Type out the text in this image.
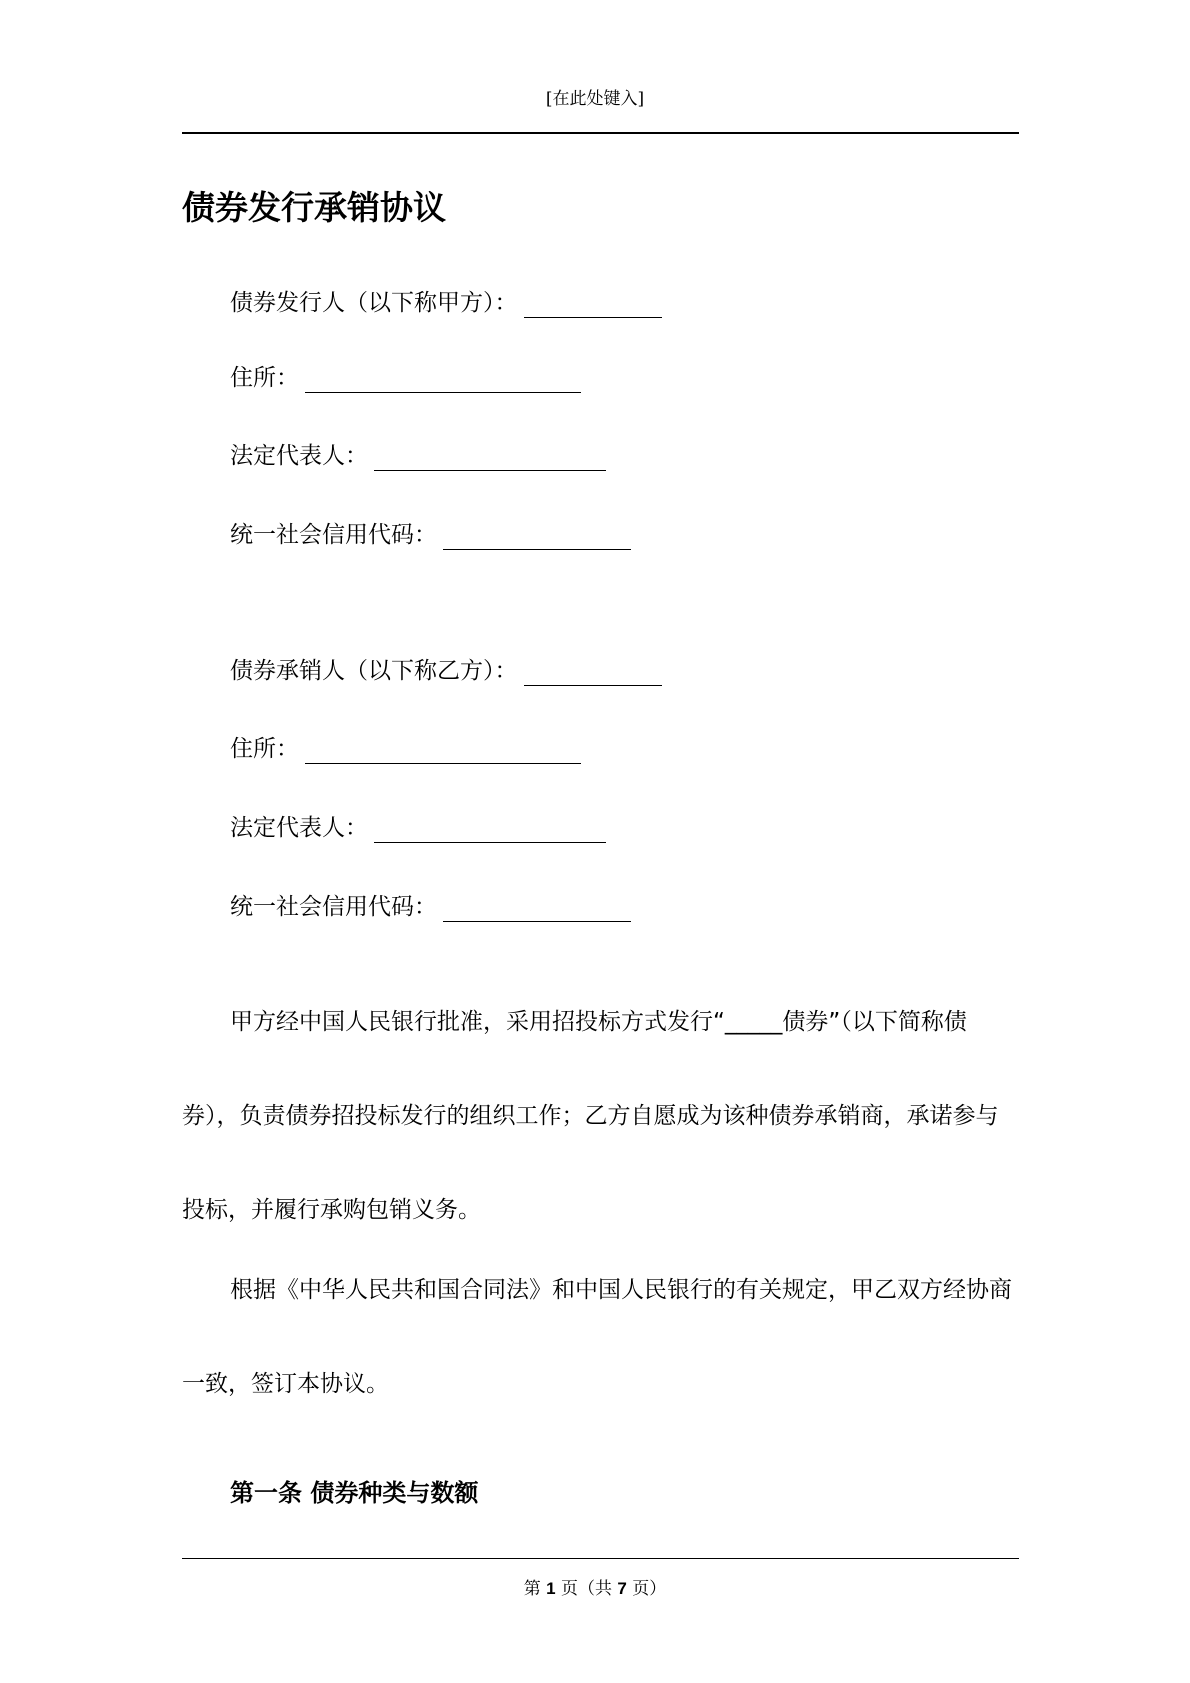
[在此处键入]
债券发行承销协议
债券发行人（以下称甲方）：
住所：
法定代表人：
统一社会信用代码：
债券承销人（以下称乙方）：
住所：
法定代表人：
统一社会信用代码：

甲方经中国人民银行批准，采用招投标方式发行“_____债券”（以下简称债券），负责债券招投标发行的组织工作；乙方自愿成为该种债券承销商，承诺参与投标，并履行承购包销义务。

根据《中华人民共和国合同法》和中国人民银行的有关规定，甲乙双方经协商一致，签订本协议。

第一条 债券种类与数额
第 1 页（共 7 页）
